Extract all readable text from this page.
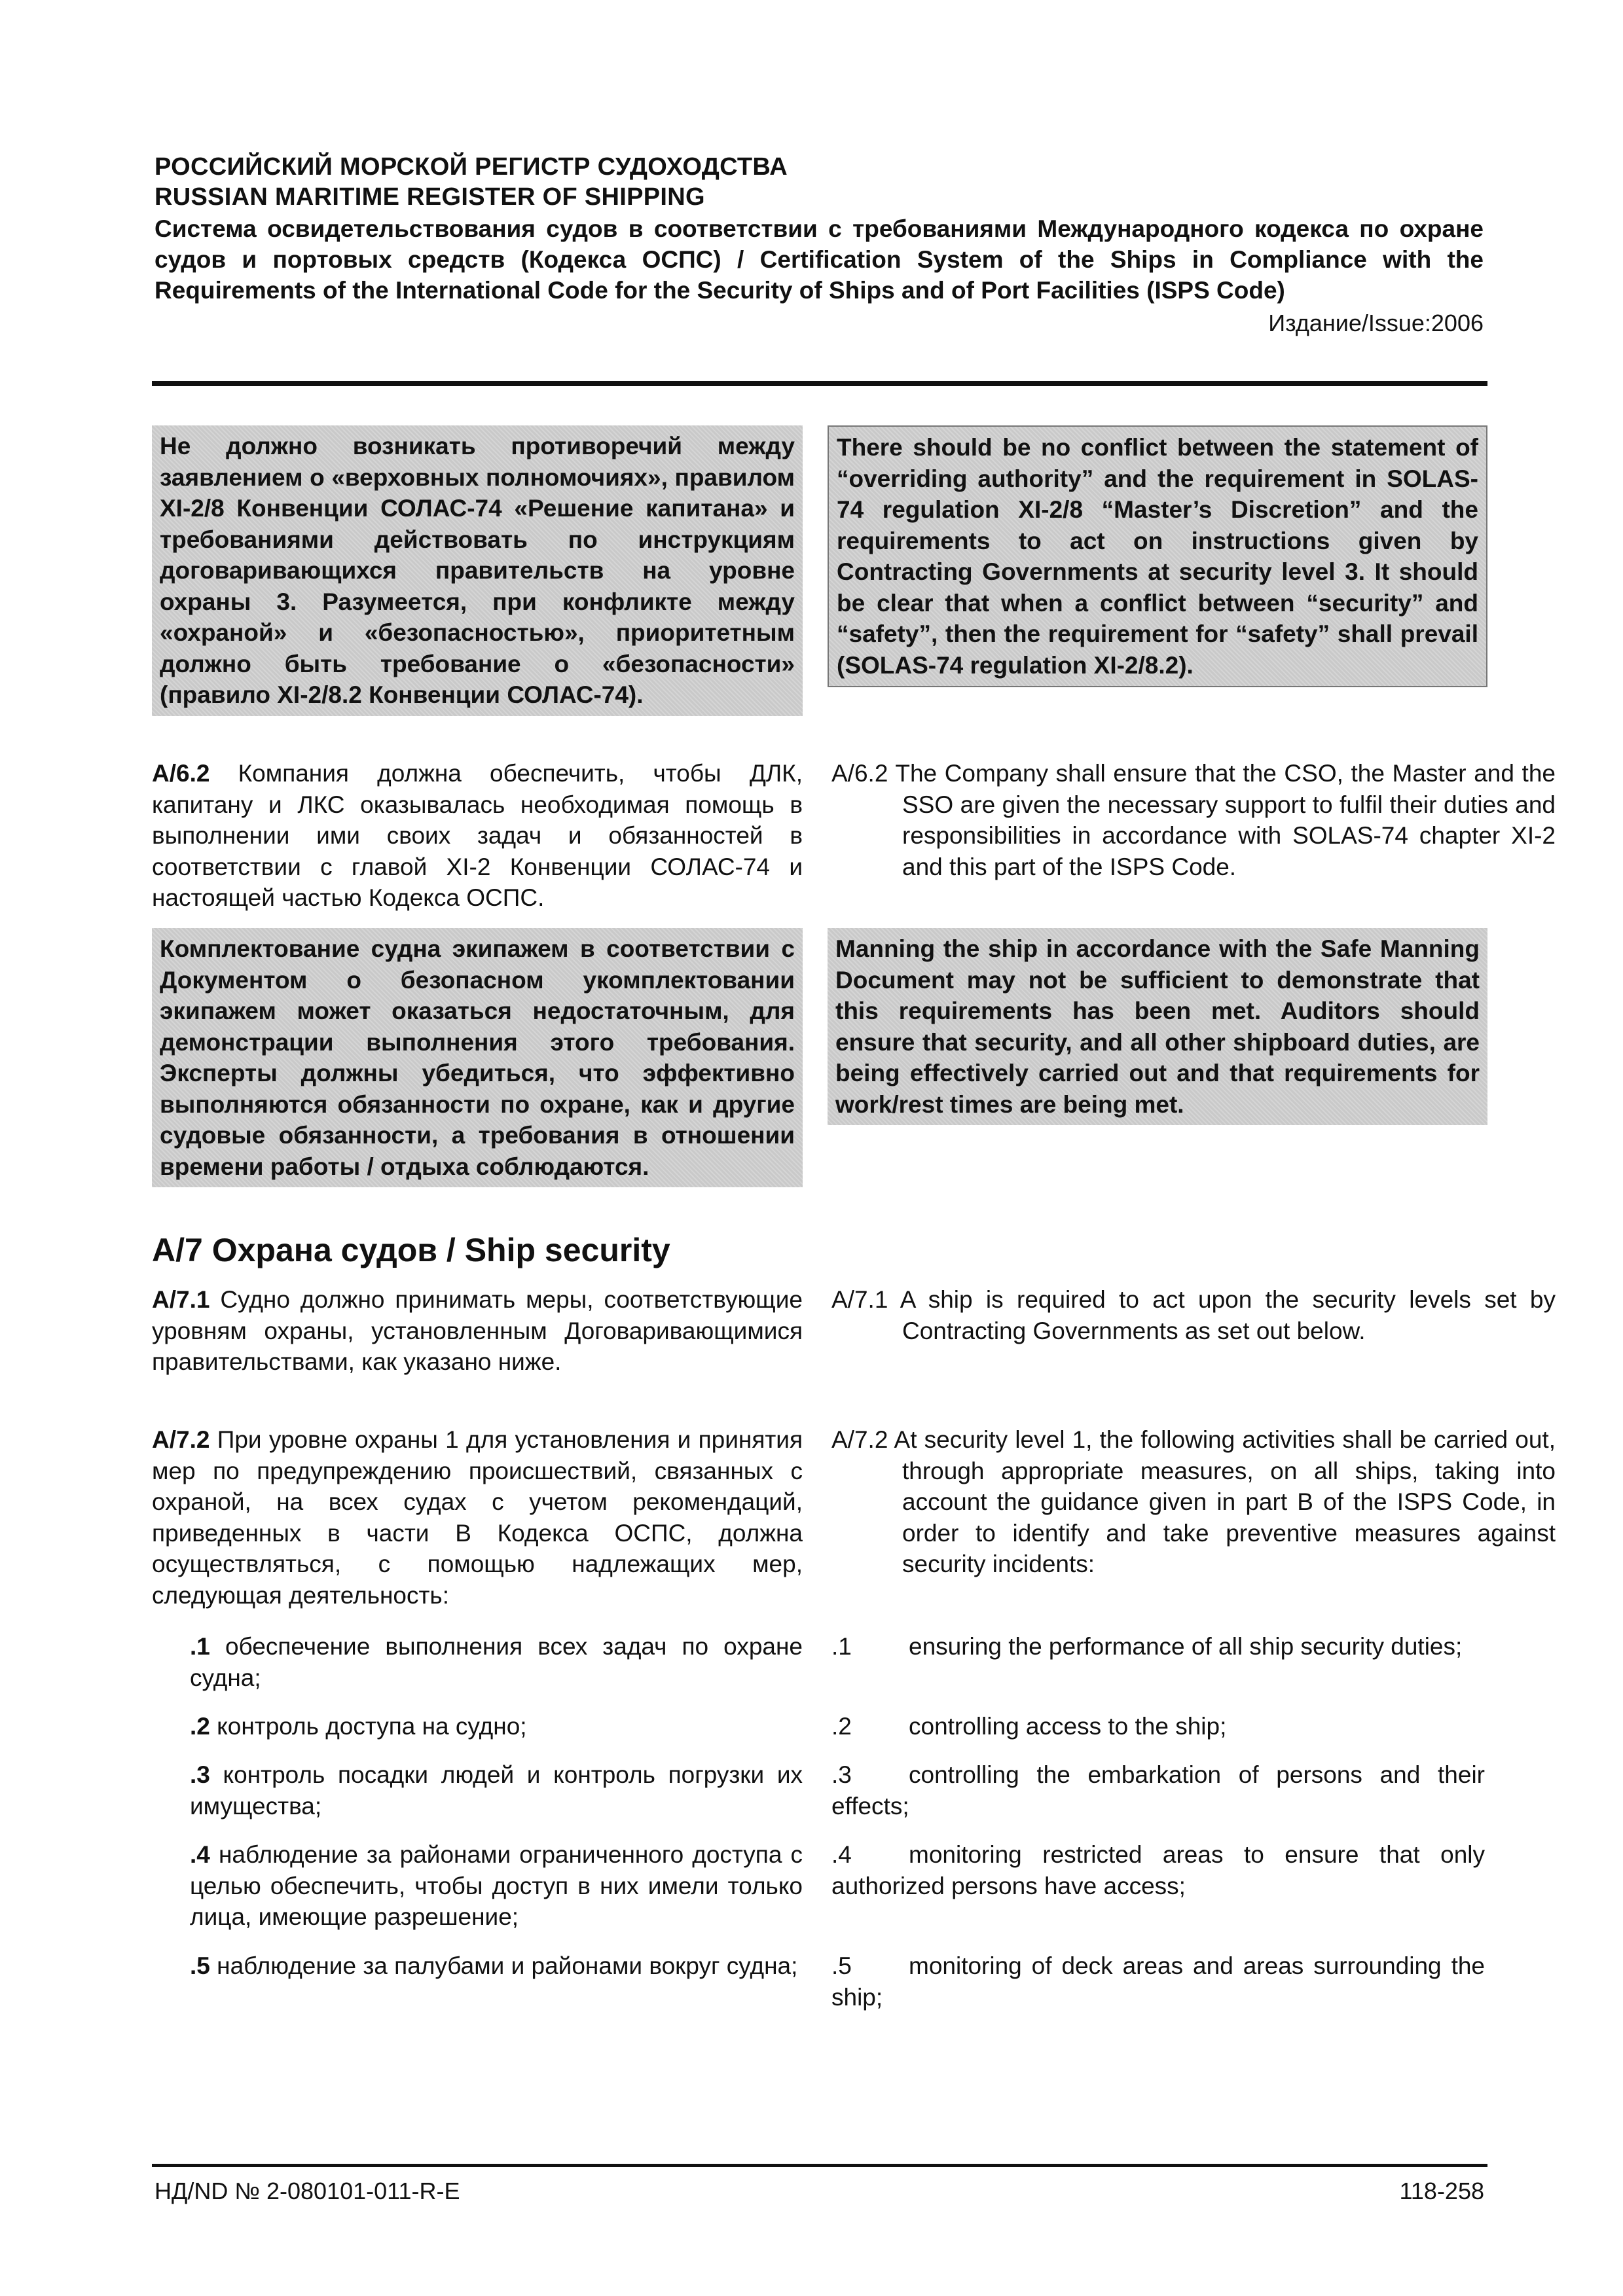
РОССИЙСКИЙ МОРСКОЙ РЕГИСТР СУДОХОДСТВА
RUSSIAN MARITIME REGISTER OF SHIPPING
Система освидетельствования судов в соответствии с требованиями Международного кодекса по охране судов и портовых средств (Кодекса ОСПС) / Certification System of the Ships in Compliance with the Requirements of the International Code for the Security of Ships and of Port Facilities (ISPS Code)
Издание/Issue:2006
Не должно возникать противоречий между заявлением о «верховных полномочиях», правилом XI-2/8 Конвенции СОЛАС-74 «Решение капитана» и требованиями действовать по инструкциям договаривающихся правительств на уровне охраны 3. Разумеется, при конфликте между «охраной» и «безопасностью», приоритетным должно быть требование о «безопасности» (правило XI-2/8.2 Конвенции СОЛАС-74).
There should be no conflict between the statement of “overriding authority” and the requirement in SOLAS-74 regulation XI-2/8 “Master’s Discretion” and the requirements to act on instructions given by Contracting Governments at security level 3. It should be clear that when a conflict between “security” and “safety”, then the requirement for “safety” shall prevail (SOLAS-74 regulation XI-2/8.2).
A/6.2 Компания должна обеспечить, чтобы ДЛК, капитану и ЛКС оказывалась необходимая помощь в выполнении ими своих задач и обязанностей в соответствии с главой XI-2 Конвенции СОЛАС-74 и настоящей частью Кодекса ОСПС.
A/6.2 The Company shall ensure that the CSO, the Master and the SSO are given the necessary support to fulfil their duties and responsibilities in accordance with SOLAS-74 chapter XI-2 and this part of the ISPS Code.
Комплектование судна экипажем в соответствии с Документом о безопасном укомплектовании экипажем может оказаться недостаточным, для демонстрации выполнения этого требования. Эксперты должны убедиться, что эффективно выполняются обязанности по охране, как и другие судовые обязанности, а требования в отношении времени работы / отдыха соблюдаются.
Manning the ship in accordance with the Safe Manning Document may not be sufficient to demonstrate that this requirements has been met. Auditors should ensure that security, and all other shipboard duties, are being effectively carried out and that requirements for work/rest times are being met.
A/7 Охрана судов / Ship security
A/7.1 Судно должно принимать меры, соответствующие уровням охраны, установленным Договаривающимися правительствами, как указано ниже.
A/7.1 A ship is required to act upon the security levels set by Contracting Governments as set out below.
A/7.2 При уровне охраны 1 для установления и принятия мер по предупреждению происшествий, связанных с охраной, на всех судах с учетом рекомендаций, приведенных в части B Кодекса ОСПС, должна осуществляться, с помощью надлежащих мер, следующая деятельность:
A/7.2 At security level 1, the following activities shall be carried out, through appropriate measures, on all ships, taking into account the guidance given in part B of the ISPS Code, in order to identify and take preventive measures against security incidents:
.1 обеспечение выполнения всех задач по охране судна;
.1 ensuring the performance of all ship security duties;
.2 контроль доступа на судно;	.2 controlling access to the ship;
.3 контроль посадки людей и контроль погрузки их имущества;
.3 controlling the embarkation of persons and their effects;
.4 наблюдение за районами ограниченного доступа с целью обеспечить, чтобы доступ в них имели только лица, имеющие разрешение;
.4 monitoring restricted areas to ensure that only authorized persons have access;
.5 наблюдение за палубами и районами вокруг судна; .5 monitoring of deck areas and areas surrounding the ship;
НД/ND № 2-080101-011-R-E	118-258
